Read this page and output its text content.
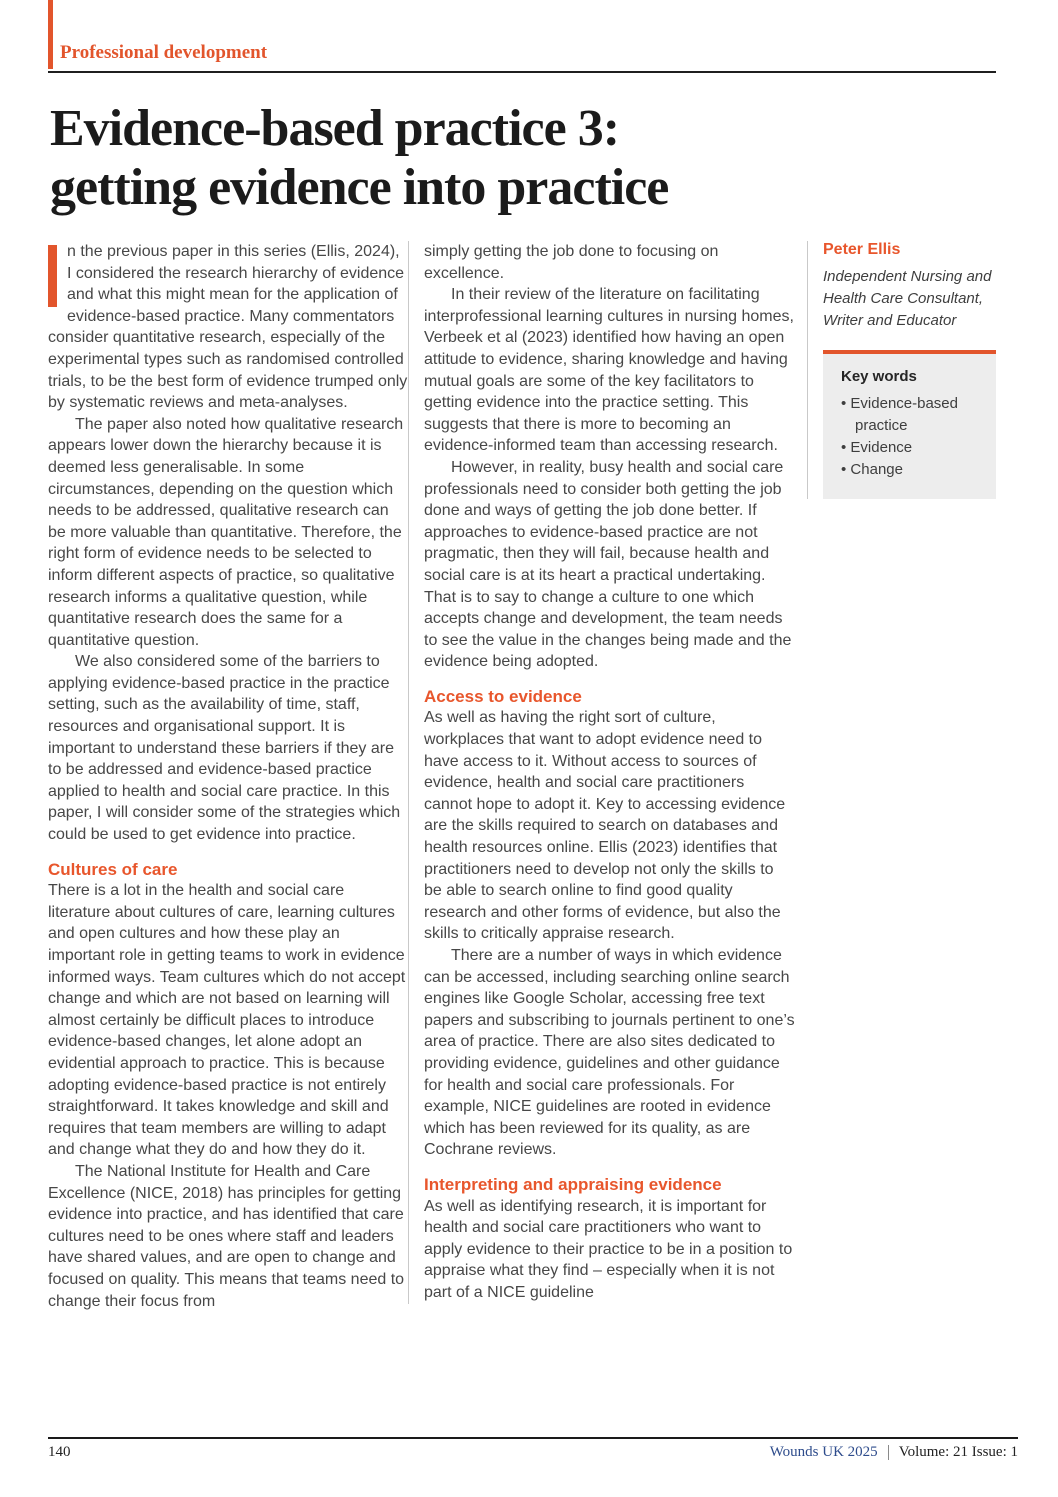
Professional development
Evidence-based practice 3:
getting evidence into practice

n the previous paper in this series (Ellis, 2024), I considered the research hierarchy of evidence and what this might mean for the application of evidence-based practice. Many commentators consider quantitative research, especially of the experimental types such as randomised controlled trials, to be the best form of evidence trumped only by systematic reviews and meta-analyses.

The paper also noted how qualitative research appears lower down the hierarchy because it is deemed less generalisable. In some circumstances, depending on the question which needs to be addressed, qualitative research can be more valuable than quantitative. Therefore, the right form of evidence needs to be selected to inform different aspects of practice, so qualitative research informs a qualitative question, while quantitative research does the same for a quantitative question.

We also considered some of the barriers to applying evidence-based practice in the practice setting, such as the availability of time, staff, resources and organisational support. It is important to understand these barriers if they are to be addressed and evidence-based practice applied to health and social care practice. In this paper, I will consider some of the strategies which could be used to get evidence into practice.

Cultures of care

There is a lot in the health and social care literature about cultures of care, learning cultures and open cultures and how these play an important role in getting teams to work in evidence informed ways. Team cultures which do not accept change and which are not based on learning will almost certainly be difficult places to introduce evidence-based changes, let alone adopt an evidential approach to practice. This is because adopting evidence-based practice is not entirely straightforward. It takes knowledge and skill and requires that team members are willing to adapt and change what they do and how they do it.

The National Institute for Health and Care Excellence (NICE, 2018) has principles for getting evidence into practice, and has identified that care cultures need to be ones where staff and leaders have shared values, and are open to change and focused on quality. This means that teams need to change their focus from

simply getting the job done to focusing on excellence.

In their review of the literature on facilitating interprofessional learning cultures in nursing homes, Verbeek et al (2023) identified how having an open attitude to evidence, sharing knowledge and having mutual goals are some of the key facilitators to getting evidence into the practice setting. This suggests that there is more to becoming an evidence-informed team than accessing research.

However, in reality, busy health and social care professionals need to consider both getting the job done and ways of getting the job done better. If approaches to evidence-based practice are not pragmatic, then they will fail, because health and social care is at its heart a practical undertaking. That is to say to change a culture to one which accepts change and development, the team needs to see the value in the changes being made and the evidence being adopted.

Access to evidence

As well as having the right sort of culture, workplaces that want to adopt evidence need to have access to it. Without access to sources of evidence, health and social care practitioners cannot hope to adopt it. Key to accessing evidence are the skills required to search on databases and health resources online. Ellis (2023) identifies that practitioners need to develop not only the skills to be able to search online to find good quality research and other forms of evidence, but also the skills to critically appraise research.

There are a number of ways in which evidence can be accessed, including searching online search engines like Google Scholar, accessing free text papers and subscribing to journals pertinent to one’s area of practice. There are also sites dedicated to providing evidence, guidelines and other guidance for health and social care professionals. For example, NICE guidelines are rooted in evidence which has been reviewed for its quality, as are Cochrane reviews.

Interpreting and appraising evidence

As well as identifying research, it is important for health and social care practitioners who want to apply evidence to their practice to be in a position to appraise what they find – especially when it is not part of a NICE guideline

Peter Ellis

Independent Nursing and Health Care Consultant, Writer and Educator

Key words

• Evidence-based practice
• Evidence
• Change
140	Wounds UK 2025 Volume: 21 Issue: 1
